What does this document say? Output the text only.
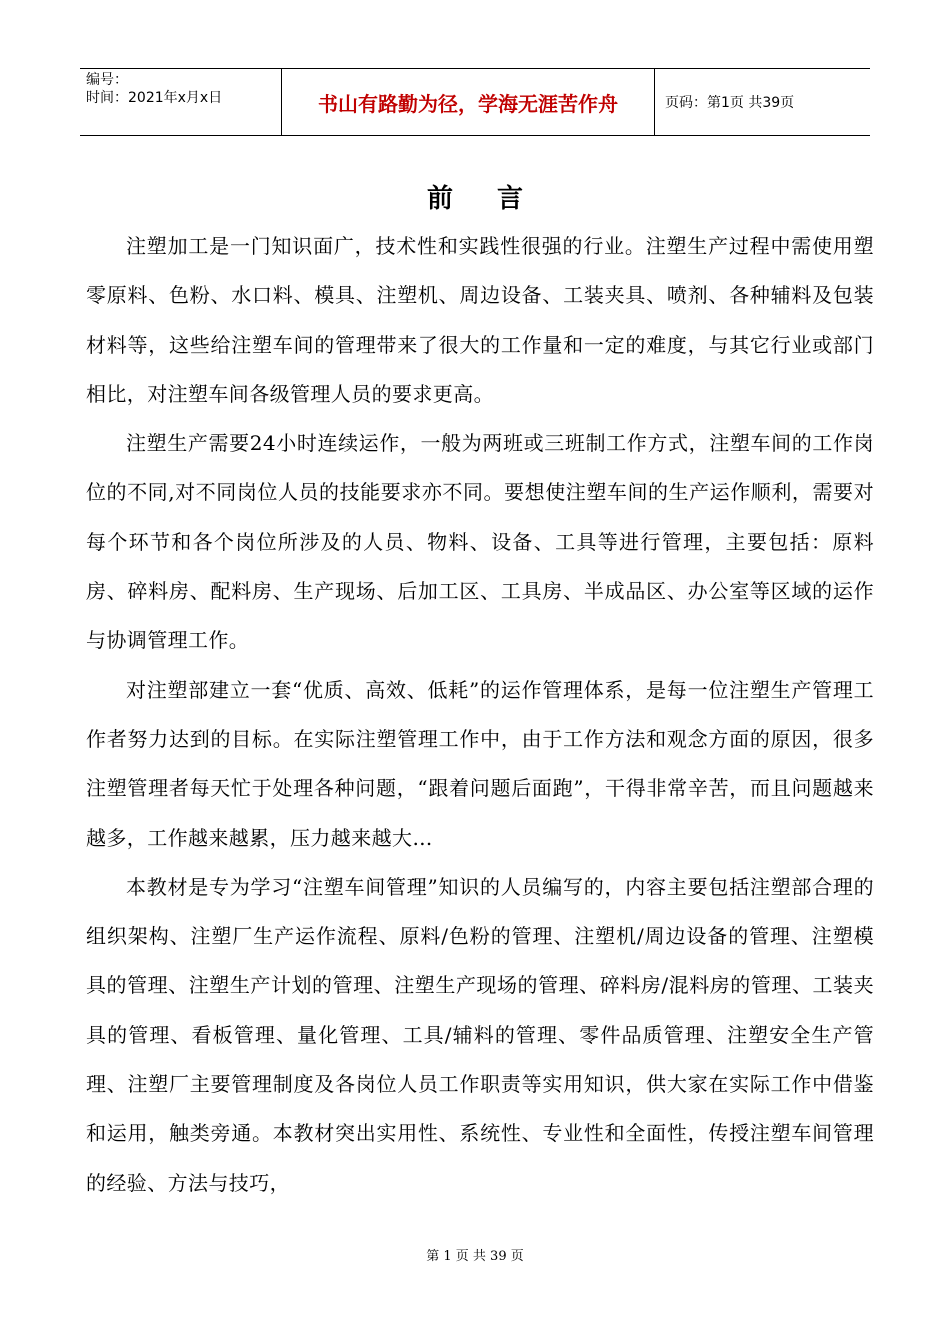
编号：
时间：2021年x月x日	书山有路勤为径，学海无涯苦作舟	页码：第1页 共39页
前言

注塑加工是一门知识面广，技术性和实践性很强的行业。注塑生产过程中需使用塑零原料、色粉、水口料、模具、注塑机、周边设备、工装夹具、喷剂、各种辅料及包装材料等，这些给注塑车间的管理带来了很大的工作量和一定的难度，与其它行业或部门相比，对注塑车间各级管理人员的要求更高。

注塑生产需要24小时连续运作，一般为两班或三班制工作方式，注塑车间的工作岗位的不同,对不同岗位人员的技能要求亦不同。要想使注塑车间的生产运作顺利，需要对每个环节和各个岗位所涉及的人员、物料、设备、工具等进行管理，主要包括：原料房、碎料房、配料房、生产现场、后加工区、工具房、半成品区、办公室等区域的运作与协调管理工作。

对注塑部建立一套“优质、高效、低耗”的运作管理体系，是每一位注塑生产管理工作者努力达到的目标。在实际注塑管理工作中，由于工作方法和观念方面的原因，很多注塑管理者每天忙于处理各种问题，“跟着问题后面跑”，干得非常辛苦，而且问题越来越多，工作越来越累，压力越来越大…

本教材是专为学习“注塑车间管理”知识的人员编写的，内容主要包括注塑部合理的组织架构、注塑厂生产运作流程、原料/色粉的管理、注塑机/周边设备的管理、注塑模具的管理、注塑生产计划的管理、注塑生产现场的管理、碎料房/混料房的管理、工装夹具的管理、看板管理、量化管理、工具/辅料的管理、零件品质管理、注塑安全生产管理、注塑厂主要管理制度及各岗位人员工作职责等实用知识，供大家在实际工作中借鉴和运用，触类旁通。本教材突出实用性、系统性、专业性和全面性，传授注塑车间管理的经验、方法与技巧，

第 1 页 共 39 页
